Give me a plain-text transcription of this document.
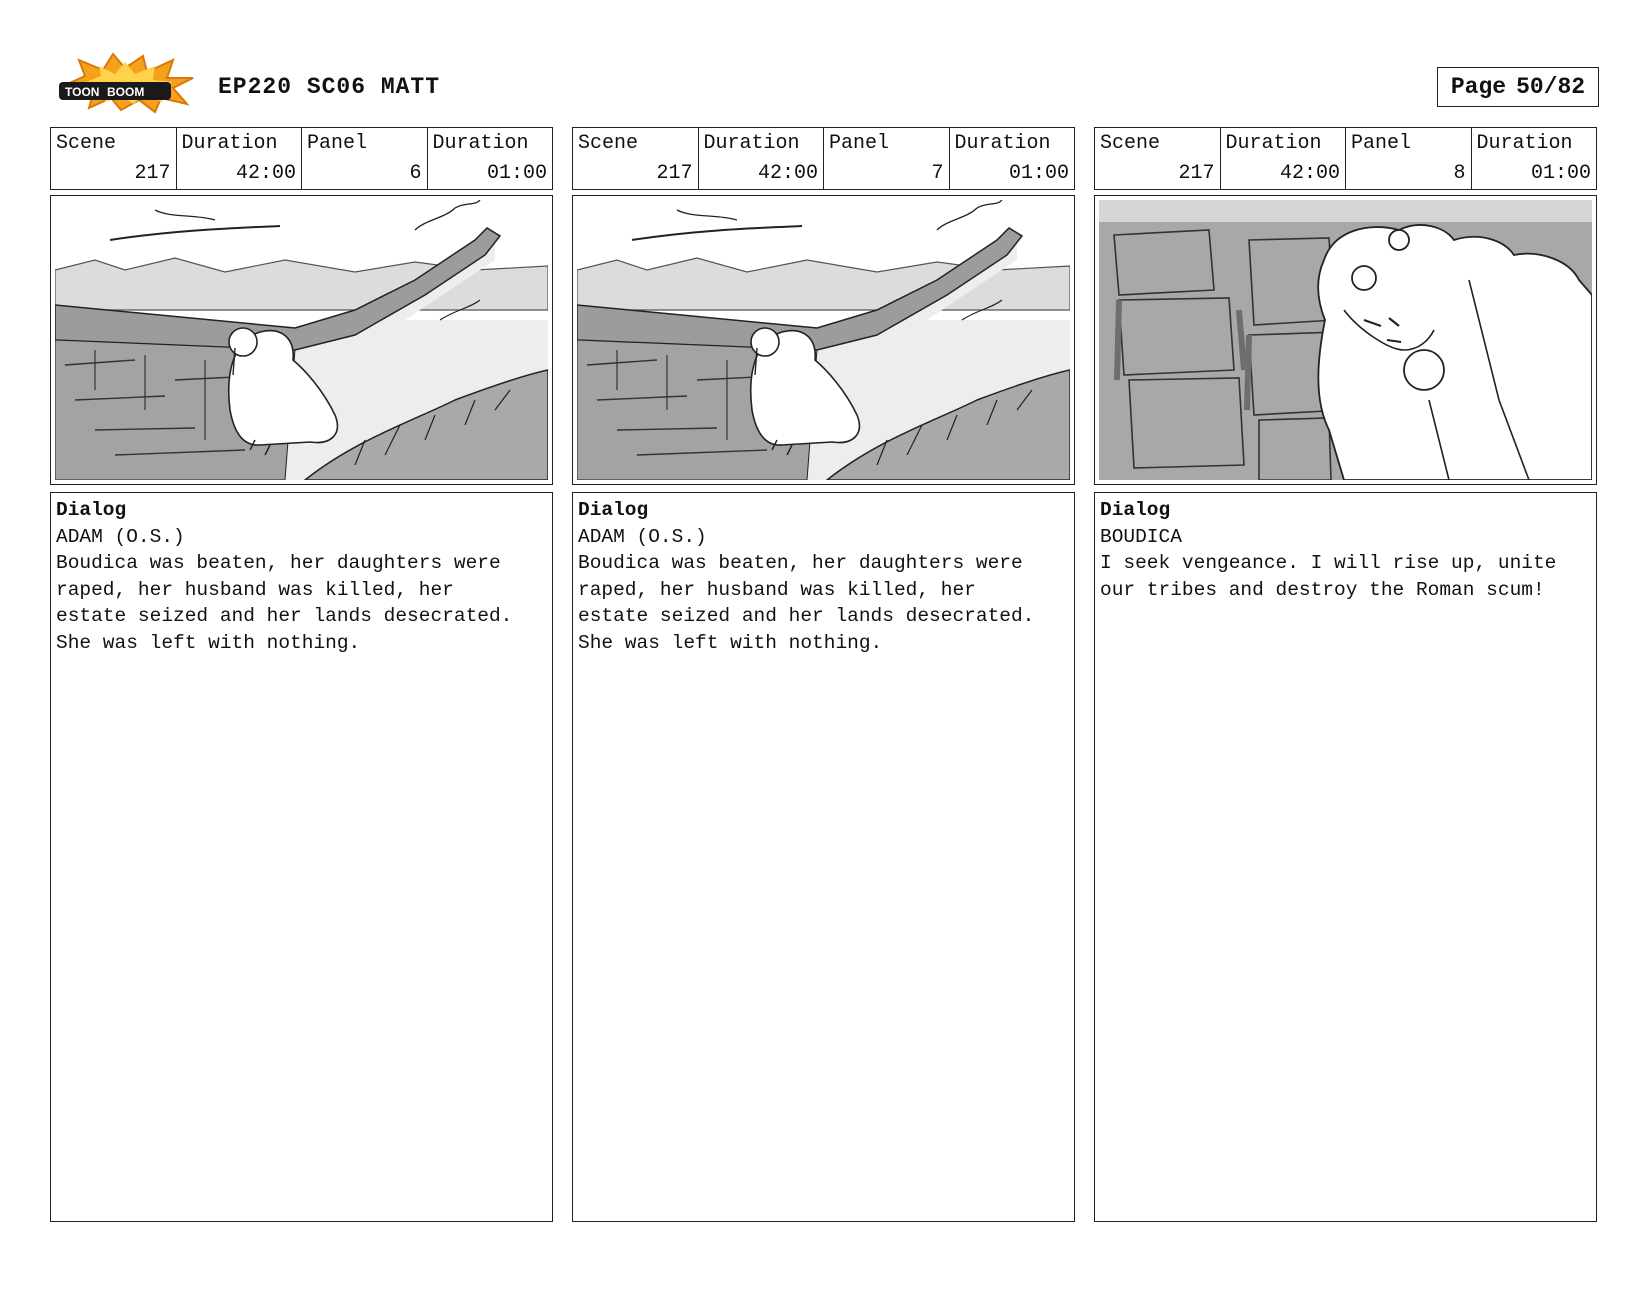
TOON BOOM	EP220 SC06 MATT	Page 50/82
Scene
217
Duration
42:00
Panel
6
Duration
01:00
Dialog
ADAM (O.S.)
Boudica was beaten, her daughters were
raped, her husband was killed, her
estate seized and her lands desecrated.
She was left with nothing.
Scene
217
Duration
42:00
Panel
7
Duration
01:00
Dialog
ADAM (O.S.)
Boudica was beaten, her daughters were
raped, her husband was killed, her
estate seized and her lands desecrated.
She was left with nothing.
Scene
217
Duration
42:00
Panel
8
Duration
01:00
Dialog
BOUDICA
I seek vengeance. I will rise up, unite
our tribes and destroy the Roman scum!
